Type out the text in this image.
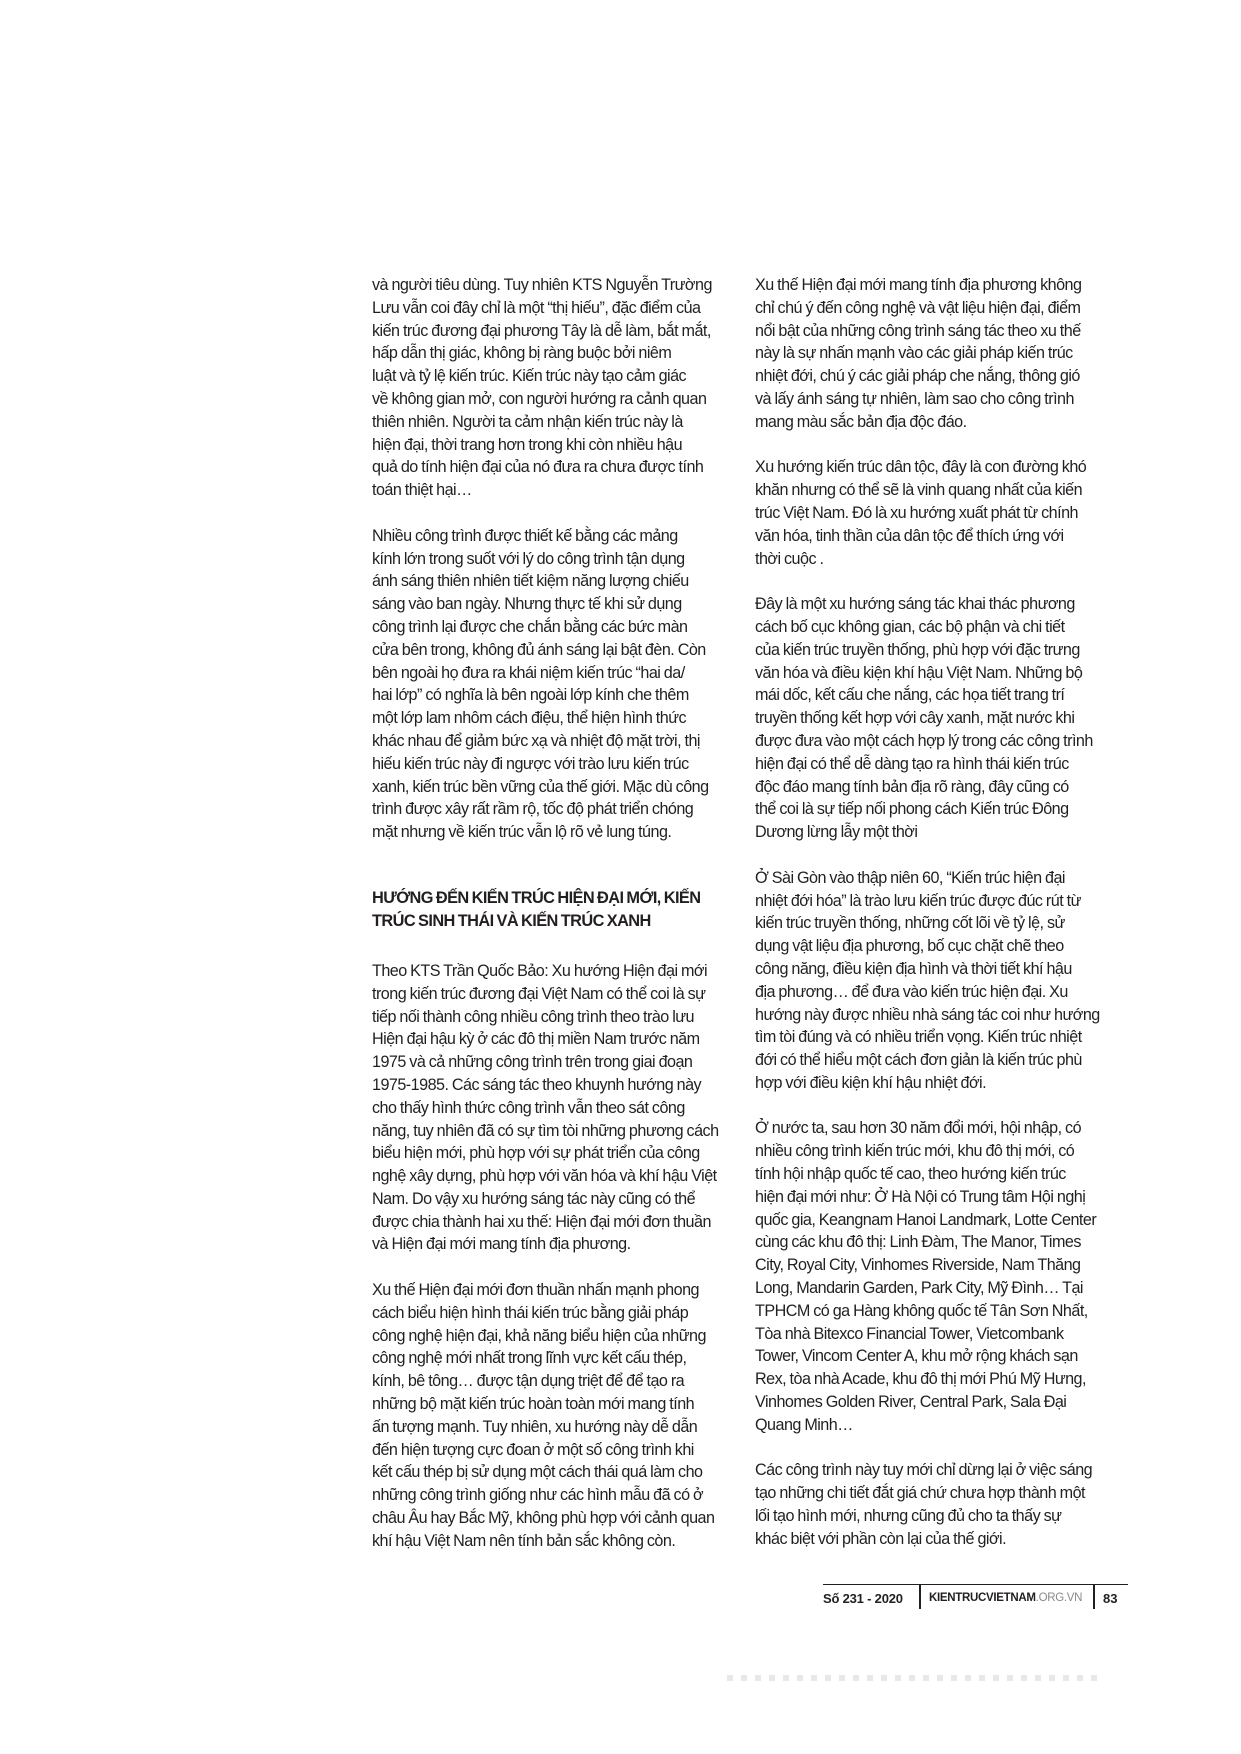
và người tiêu dùng. Tuy nhiên KTS Nguyễn Trường
Lưu vẫn coi đây chỉ là một “thị hiếu”, đặc điểm của
kiến trúc đương đại phương Tây là dễ làm, bắt mắt,
hấp dẫn thị giác, không bị ràng buộc bởi niêm
luật và tỷ lệ kiến trúc. Kiến trúc này tạo cảm giác
về không gian mở, con người hướng ra cảnh quan
thiên nhiên. Người ta cảm nhận kiến trúc này là
hiện đại, thời trang hơn trong khi còn nhiều hậu
quả do tính hiện đại của nó đưa ra chưa được tính
toán thiệt hại…

Nhiều công trình được thiết kế bằng các mảng
kính lớn trong suốt với lý do công trình tận dụng
ánh sáng thiên nhiên tiết kiệm năng lượng chiếu
sáng vào ban ngày. Nhưng thực tế khi sử dụng
công trình lại được che chắn bằng các bức màn
cửa bên trong, không đủ ánh sáng lại bật đèn. Còn
bên ngoài họ đưa ra khái niệm kiến trúc “hai da/
hai lớp” có nghĩa là bên ngoài lớp kính che thêm
một lớp lam nhôm cách điệu, thể hiện hình thức
khác nhau để giảm bức xạ và nhiệt độ mặt trời, thị
hiếu kiến trúc này đi ngược với trào lưu kiến trúc
xanh, kiến trúc bền vững của thế giới. Mặc dù công
trình được xây rất rầm rộ, tốc độ phát triển chóng
mặt nhưng về kiến trúc vẫn lộ rõ vẻ lung túng.

HƯỚNG ĐẾN KIẾN TRÚC HIỆN ĐẠI MỚI, KIẾN
TRÚC SINH THÁI VÀ KIẾN TRÚC XANH

Theo KTS Trần Quốc Bảo: Xu hướng Hiện đại mới
trong kiến trúc đương đại Việt Nam có thể coi là sự
tiếp nối thành công nhiều công trình theo trào lưu
Hiện đại hậu kỳ ở các đô thị miền Nam trước năm
1975 và cả những công trình trên trong giai đoạn
1975-1985. Các sáng tác theo khuynh hướng này
cho thấy hình thức công trình vẫn theo sát công
năng, tuy nhiên đã có sự tìm tòi những phương cách
biểu hiện mới, phù hợp với sự phát triển của công
nghệ xây dựng, phù hợp với văn hóa và khí hậu Việt
Nam. Do vậy xu hướng sáng tác này cũng có thể
được chia thành hai xu thế: Hiện đại mới đơn thuần
và Hiện đại mới mang tính địa phương.

Xu thế Hiện đại mới đơn thuần nhấn mạnh phong
cách biểu hiện hình thái kiến trúc bằng giải pháp
công nghệ hiện đại, khả năng biểu hiện của những
công nghệ mới nhất trong lĩnh vực kết cấu thép,
kính, bê tông… được tận dụng triệt để để tạo ra
những bộ mặt kiến trúc hoàn toàn mới mang tính
ấn tượng mạnh. Tuy nhiên, xu hướng này dễ dẫn
đến hiện tượng cực đoan ở một số công trình khi
kết cấu thép bị sử dụng một cách thái quá làm cho
những công trình giống như các hình mẫu đã có ở
châu Âu hay Bắc Mỹ, không phù hợp với cảnh quan
khí hậu Việt Nam nên tính bản sắc không còn.

Xu thế Hiện đại mới mang tính địa phương không
chỉ chú ý đến công nghệ và vật liệu hiện đại, điểm
nổi bật của những công trình sáng tác theo xu thế
này là sự nhấn mạnh vào các giải pháp kiến trúc
nhiệt đới, chú ý các giải pháp che nắng, thông gió
và lấy ánh sáng tự nhiên, làm sao cho công trình
mang màu sắc bản địa độc đáo.

Xu hướng kiến trúc dân tộc, đây là con đường khó
khăn nhưng có thể sẽ là vinh quang nhất của kiến
trúc Việt Nam. Đó là xu hướng xuất phát từ chính
văn hóa, tinh thần của dân tộc để thích ứng với
thời cuộc .

Đây là một xu hướng sáng tác khai thác phương
cách bố cục không gian, các bộ phận và chi tiết
của kiến trúc truyền thống, phù hợp với đặc trưng
văn hóa và điều kiện khí hậu Việt Nam. Những bộ
mái dốc, kết cấu che nắng, các họa tiết trang trí
truyền thống kết hợp với cây xanh, mặt nước khi
được đưa vào một cách hợp lý trong các công trình
hiện đại có thể dễ dàng tạo ra hình thái kiến trúc
độc đáo mang tính bản địa rõ ràng, đây cũng có
thể coi là sự tiếp nối phong cách Kiến trúc Đông
Dương lừng lẫy một thời

Ở Sài Gòn vào thập niên 60, “Kiến trúc hiện đại
nhiệt đới hóa” là trào lưu kiến trúc được đúc rút từ
kiến trúc truyền thống, những cốt lõi về tỷ lệ, sử
dụng vật liệu địa phương, bố cục chặt chẽ theo
công năng, điều kiện địa hình và thời tiết khí hậu
địa phương… để đưa vào kiến trúc hiện đại. Xu
hướng này được nhiều nhà sáng tác coi như hướng
tìm tòi đúng và có nhiều triển vọng. Kiến trúc nhiệt
đới có thể hiểu một cách đơn giản là kiến trúc phù
hợp với điều kiện khí hậu nhiệt đới.

Ở nước ta, sau hơn 30 năm đổi mới, hội nhập, có
nhiều công trình kiến trúc mới, khu đô thị mới, có
tính hội nhập quốc tế cao, theo hướng kiến trúc
hiện đại mới như: Ở Hà Nội có Trung tâm Hội nghị
quốc gia, Keangnam Hanoi Landmark, Lotte Center
cùng các khu đô thị: Linh Đàm, The Manor, Times
City, Royal City, Vinhomes Riverside, Nam Thăng
Long, Mandarin Garden, Park City, Mỹ Đình… Tại
TPHCM có ga Hàng không quốc tế Tân Sơn Nhất,
Tòa nhà Bitexco Financial Tower, Vietcombank
Tower, Vincom Center A, khu mở rộng khách sạn
Rex, tòa nhà Acade, khu đô thị mới Phú Mỹ Hưng,
Vinhomes Golden River, Central Park, Sala Đại
Quang Minh…

Các công trình này tuy mới chỉ dừng lại ở việc sáng
tạo những chi tiết đắt giá chứ chưa hợp thành một
lối tạo hình mới, nhưng cũng đủ cho ta thấy sự
khác biệt với phần còn lại của thế giới.

Số 231 - 2020 KIENTRUCVIETNAM.ORG.VN 83
